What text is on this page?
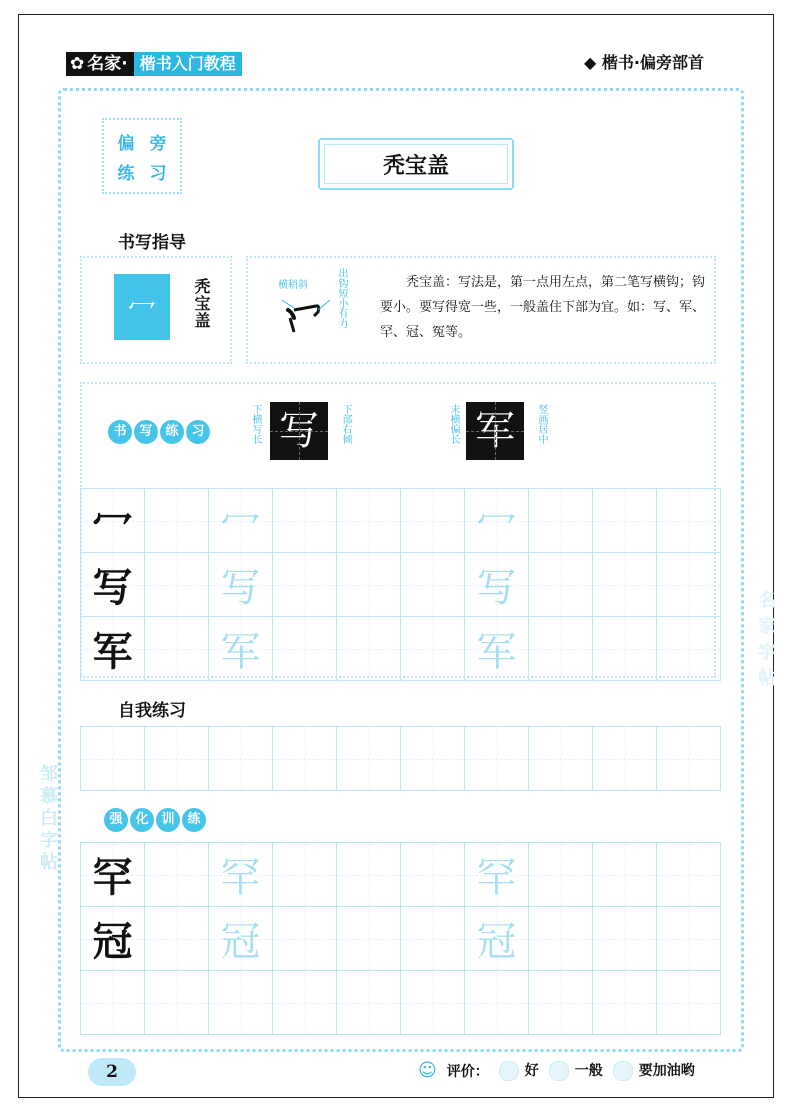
✿ 名家· 楷书入门教程	◆ 楷书·偏旁部首
邹慕白字帖
名家字帖
偏 旁
练 习	秃宝盖
书写指导
冖	秃宝盖	横稍斜	出钩短小有力	秃宝盖：写法是，第一点用左点，第二笔写横钩；钩要小。要写得宽一些，一般盖住下部为宜。如：写、军、罕、冠、冤等。
书 写 练 习	下横写长 写	下部右倾	末横偏长 军	竖画居中
冖		冖				冖			
写		写				写			
军		军				军			
自我练习

强 化 训 练
罕		罕				罕			
冠		冠				冠			

2	☺ 评价：	好	一般	要加油哟
